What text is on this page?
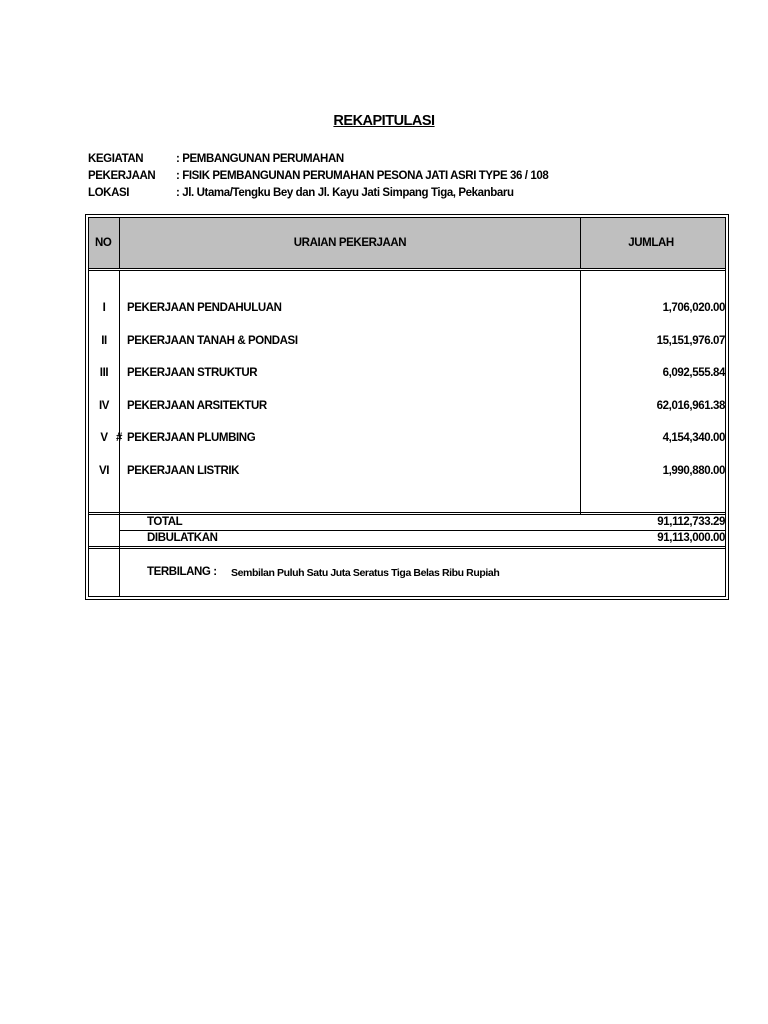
REKAPITULASI
KEGIATAN	: PEMBANGUNAN PERUMAHAN
PEKERJAAN : FISIK PEMBANGUNAN PERUMAHAN PESONA JATI ASRI TYPE 36 / 108
LOKASI	: Jl. Utama/Tengku Bey dan Jl. Kayu Jati Simpang Tiga, Pekanbaru
NO	URAIAN PEKERJAAN	JUMLAH
I	PEKERJAAN PENDAHULUAN	1,706,020.00
II	PEKERJAAN TANAH & PONDASI	15,151,976.07
III	PEKERJAAN STRUKTUR	6,092,555.84
IV	PEKERJAAN ARSITEKTUR	62,016,961.38
V # PEKERJAAN PLUMBING	4,154,340.00
VI	PEKERJAAN LISTRIK	1,990,880.00
TOTAL	91,112,733.29
DIBULATKAN	91,113,000.00
TERBILANG : Sembilan Puluh Satu Juta Seratus Tiga Belas Ribu Rupiah
